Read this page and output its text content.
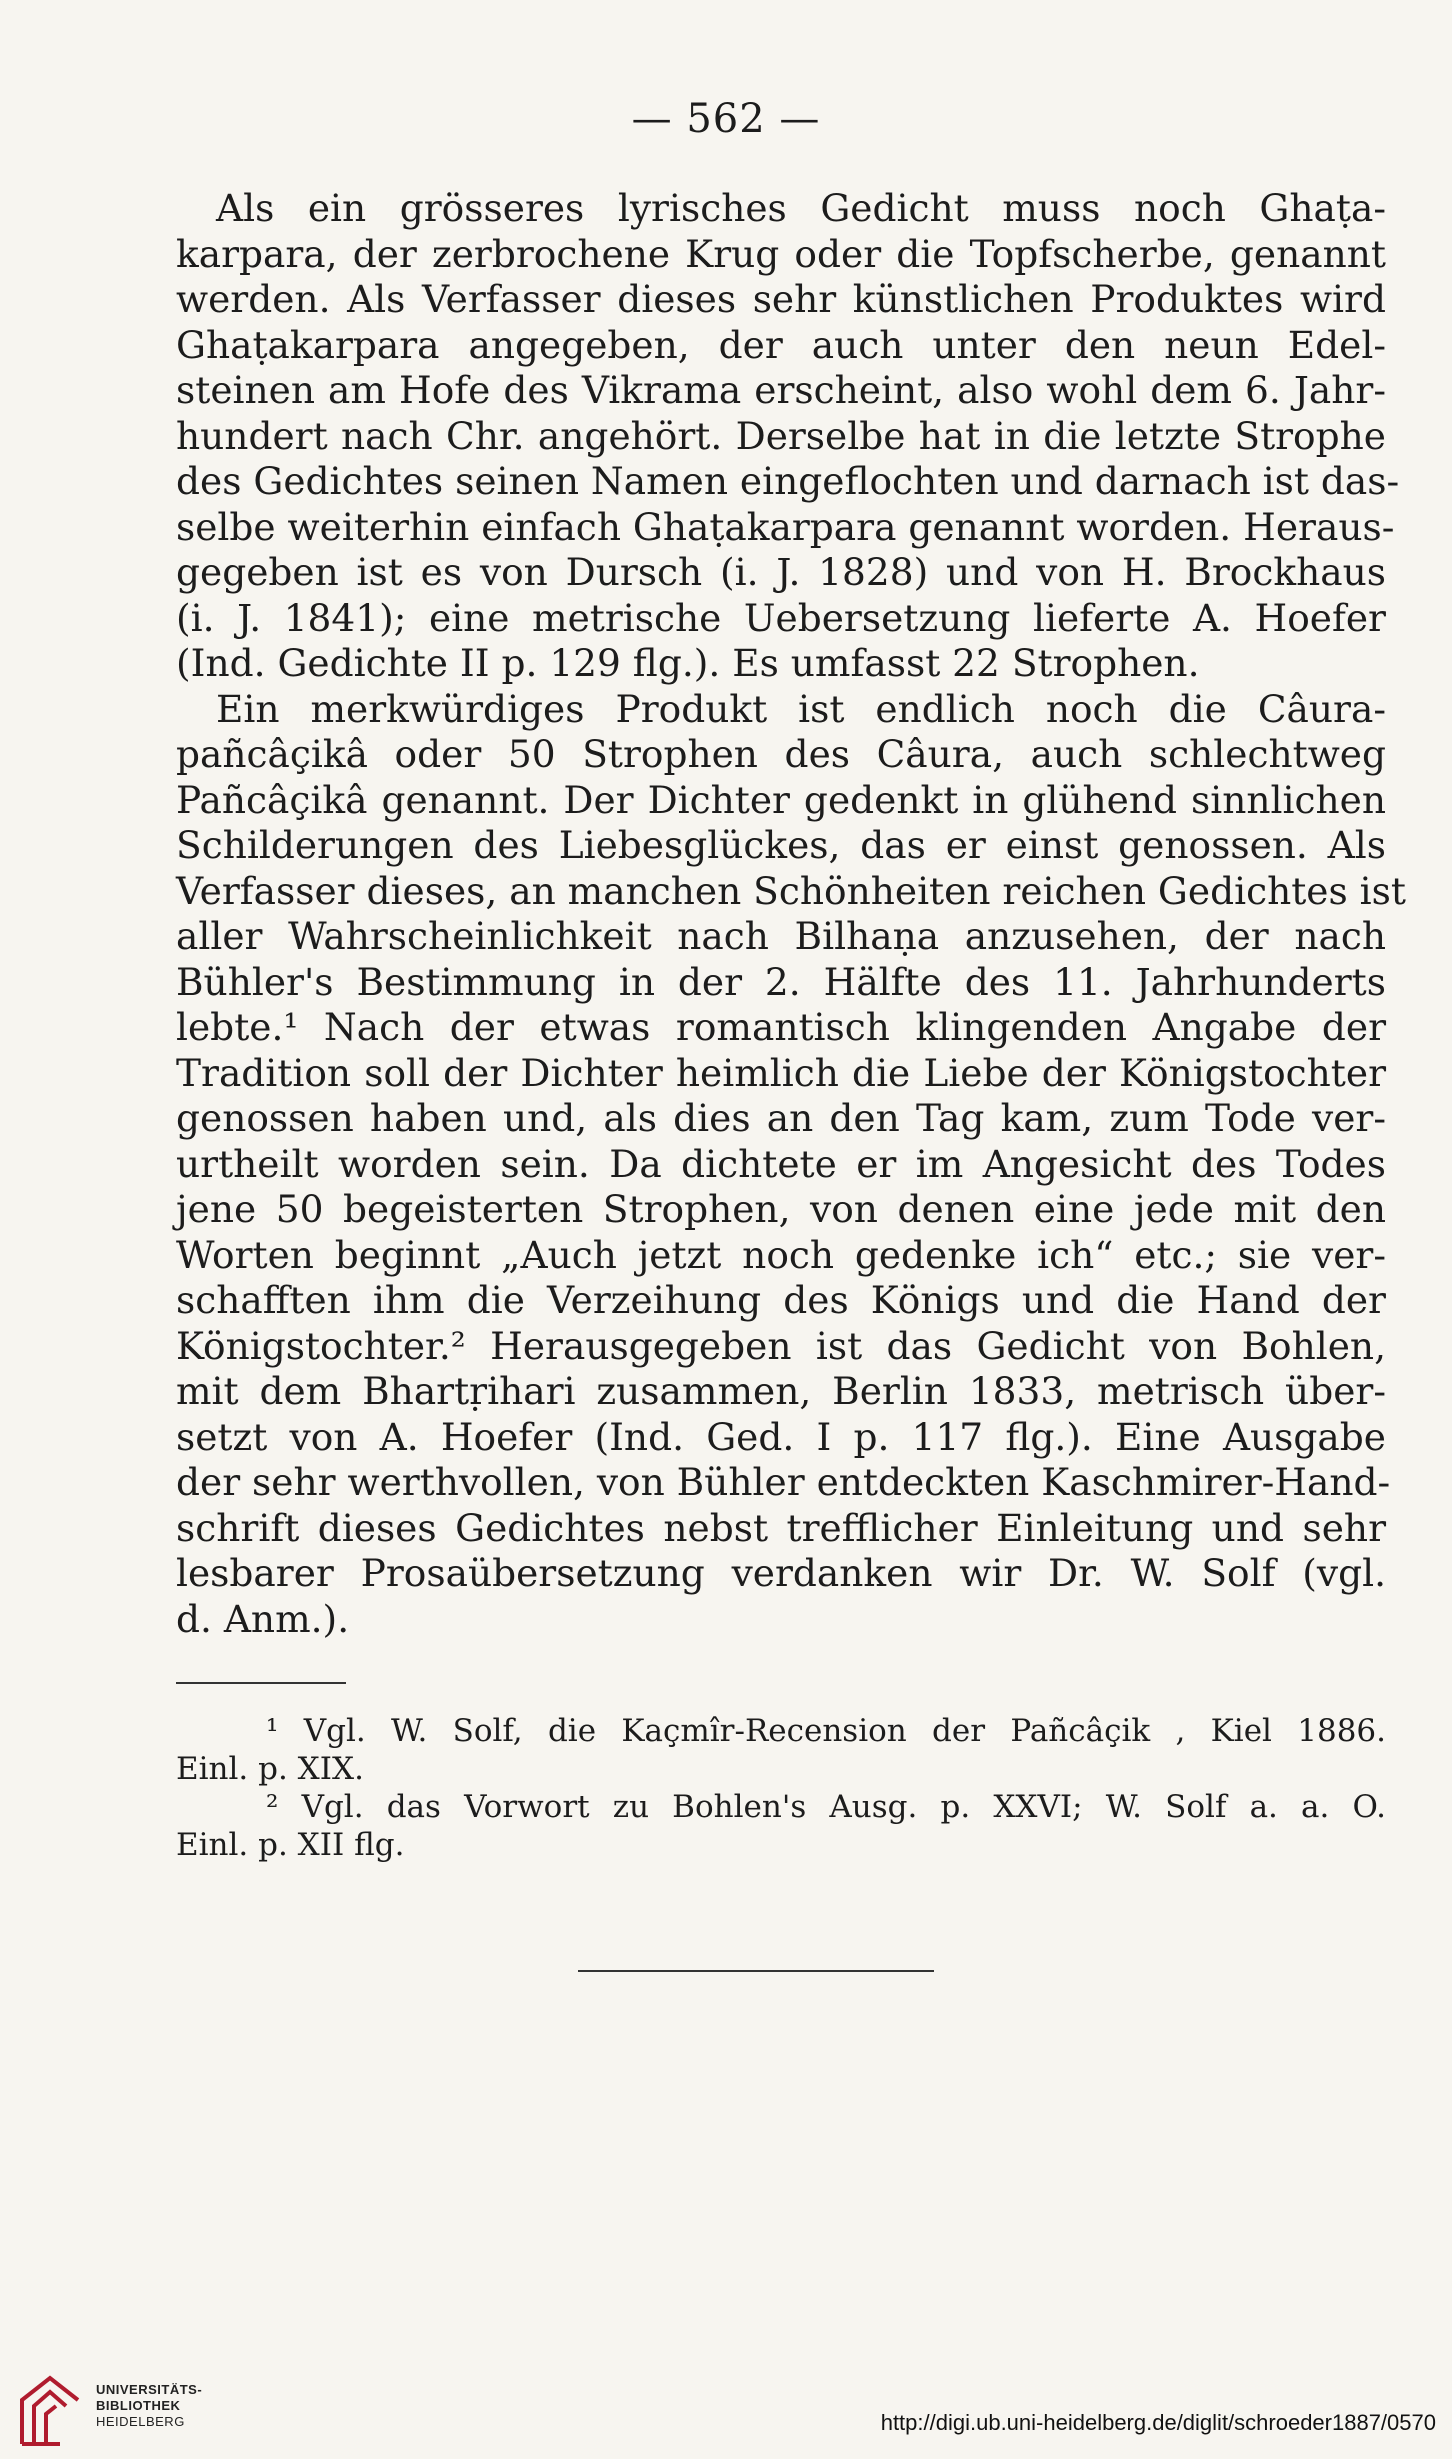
— 562 —
Als ein grösseres lyrisches Gedicht muss noch Ghaṭa-
karpara, der zerbrochene Krug oder die Topfscherbe, genannt
werden. Als Verfasser dieses sehr künstlichen Produktes wird
Ghaṭakarpara angegeben, der auch unter den neun Edel-
steinen am Hofe des Vikrama erscheint, also wohl dem 6. Jahr-
hundert nach Chr. angehört. Derselbe hat in die letzte Strophe
des Gedichtes seinen Namen eingeflochten und darnach ist das-
selbe weiterhin einfach Ghaṭakarpara genannt worden. Heraus-
gegeben ist es von Dursch (i. J. 1828) und von H. Brockhaus
(i. J. 1841); eine metrische Uebersetzung lieferte A. Hoefer
(Ind. Gedichte II p. 129 flg.). Es umfasst 22 Strophen.
Ein merkwürdiges Produkt ist endlich noch die Câura-
pañcâçikâ oder 50 Strophen des Câura, auch schlechtweg
Pañcâçikâ genannt. Der Dichter gedenkt in glühend sinnlichen
Schilderungen des Liebesglückes, das er einst genossen. Als
Verfasser dieses, an manchen Schönheiten reichen Gedichtes ist
aller Wahrscheinlichkeit nach Bilhaṇa anzusehen, der nach
Bühler's Bestimmung in der 2. Hälfte des 11. Jahrhunderts
lebte.¹ Nach der etwas romantisch klingenden Angabe der
Tradition soll der Dichter heimlich die Liebe der Königstochter
genossen haben und, als dies an den Tag kam, zum Tode ver-
urtheilt worden sein. Da dichtete er im Angesicht des Todes
jene 50 begeisterten Strophen, von denen eine jede mit den
Worten beginnt „Auch jetzt noch gedenke ich“ etc.; sie ver-
schafften ihm die Verzeihung des Königs und die Hand der
Königstochter.² Herausgegeben ist das Gedicht von Bohlen,
mit dem Bhartṛihari zusammen, Berlin 1833, metrisch über-
setzt von A. Hoefer (Ind. Ged. I p. 117 flg.). Eine Ausgabe
der sehr werthvollen, von Bühler entdeckten Kaschmirer-Hand-
schrift dieses Gedichtes nebst trefflicher Einleitung und sehr
lesbarer Prosaübersetzung verdanken wir Dr. W. Solf (vgl.
d. Anm.).
¹ Vgl. W. Solf, die Kaçmîr-Recension der Pañcâçik , Kiel 1886.
Einl. p. XIX.
² Vgl. das Vorwort zu Bohlen's Ausg. p. XXVI; W. Solf a. a. O.
Einl. p. XII flg.
UNIVERSITÄTS-
BIBLIOTHEK
HEIDELBERG	http://digi.ub.uni-heidelberg.de/diglit/schroeder1887/0570
